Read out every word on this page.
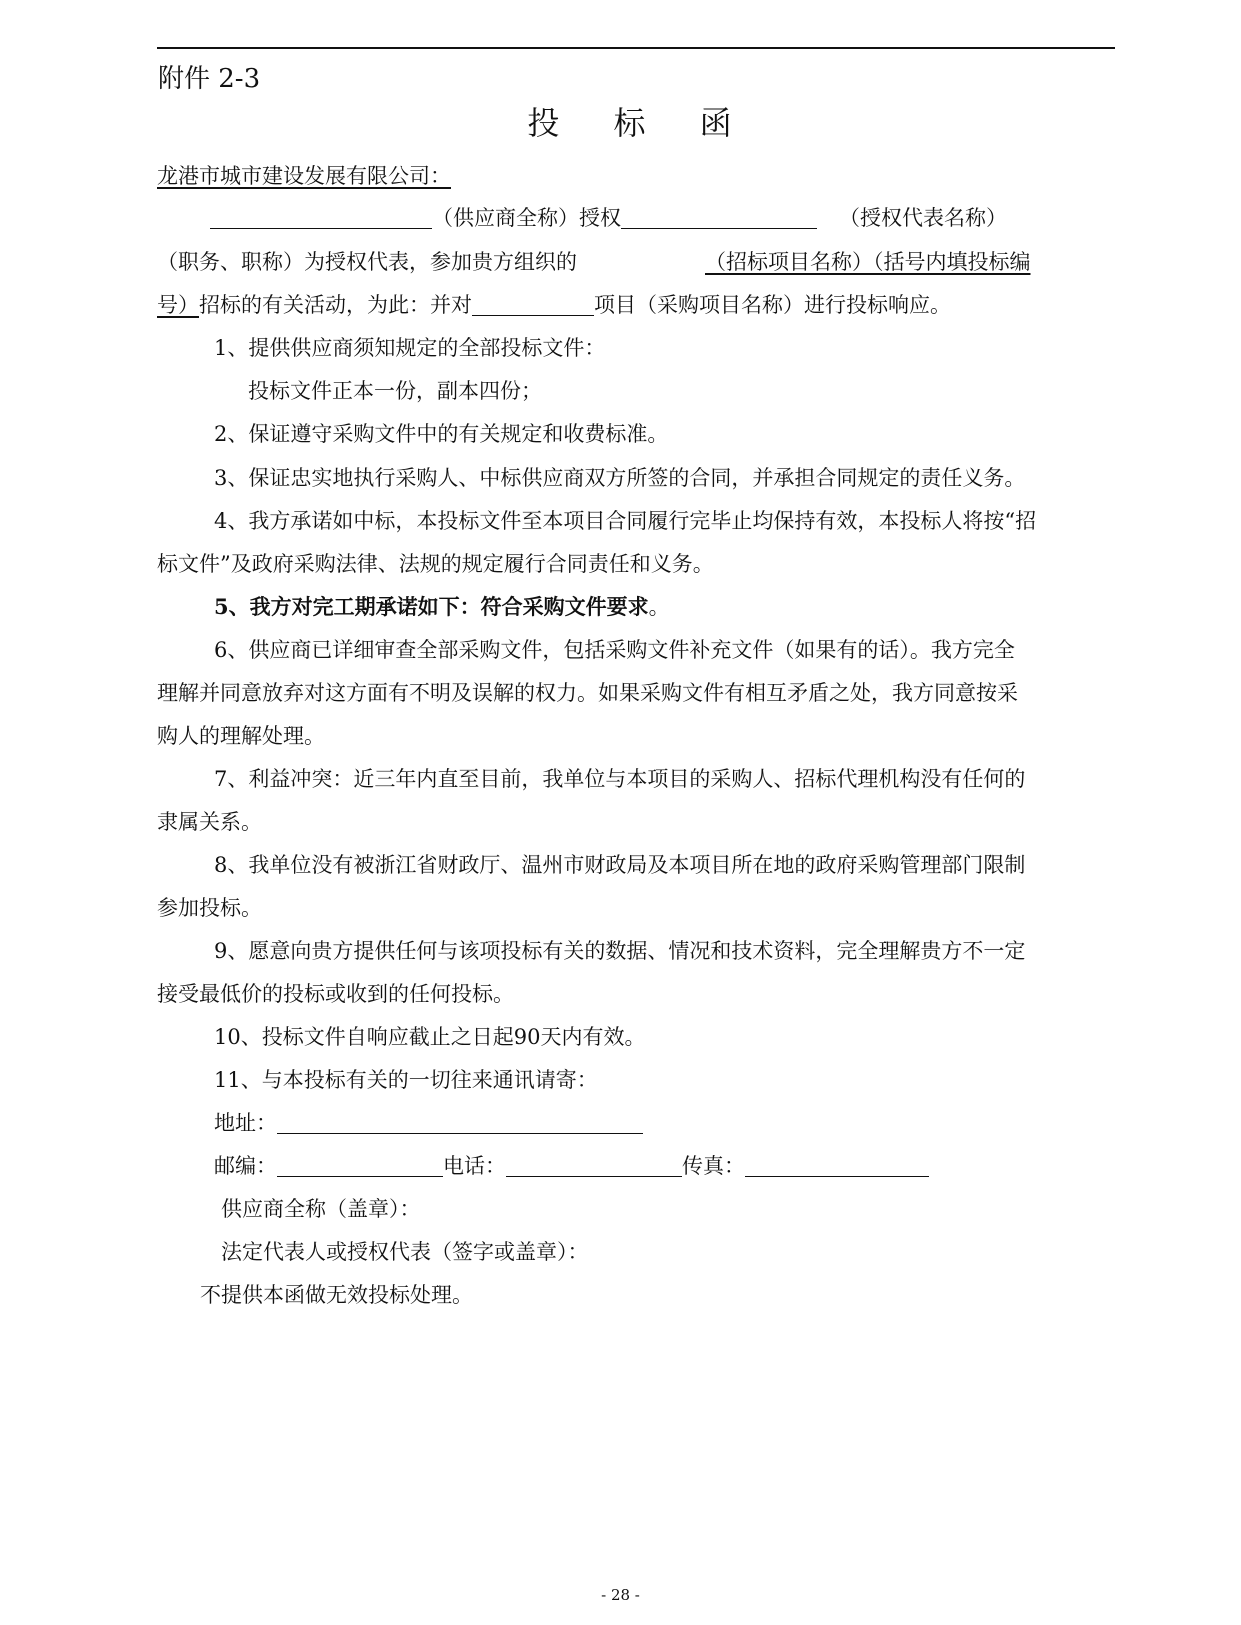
附件 2-3
投 标 函
龙港市城市建设发展有限公司：
（供应商全称）授权	（授权代表名称）
（职务、职称）为授权代表，参加贵方组织的	（招标项目名称）（括号内填投标编
号）招标的有关活动，为此：并对	项目（采购项目名称）进行投标响应。
1、提供供应商须知规定的全部投标文件：
投标文件正本一份，副本四份；
2、保证遵守采购文件中的有关规定和收费标准。
3、保证忠实地执行采购人、中标供应商双方所签的合同，并承担合同规定的责任义务。
4、我方承诺如中标，本投标文件至本项目合同履行完毕止均保持有效，本投标人将按“招
标文件”及政府采购法律、法规的规定履行合同责任和义务。
5、我方对完工期承诺如下：符合采购文件要求。
6、供应商已详细审查全部采购文件，包括采购文件补充文件（如果有的话）。我方完全
理解并同意放弃对这方面有不明及误解的权力。如果采购文件有相互矛盾之处，我方同意按采
购人的理解处理。
7、利益冲突：近三年内直至目前，我单位与本项目的采购人、招标代理机构没有任何的
隶属关系。
8、我单位没有被浙江省财政厅、温州市财政局及本项目所在地的政府采购管理部门限制
参加投标。
9、愿意向贵方提供任何与该项投标有关的数据、情况和技术资料，完全理解贵方不一定
接受最低价的投标或收到的任何投标。
10、投标文件自响应截止之日起90天内有效。
11、与本投标有关的一切往来通讯请寄：
地址：
邮编：	电话：	传真：
供应商全称（盖章）：
法定代表人或授权代表（签字或盖章）：
不提供本函做无效投标处理。
- 28 -
